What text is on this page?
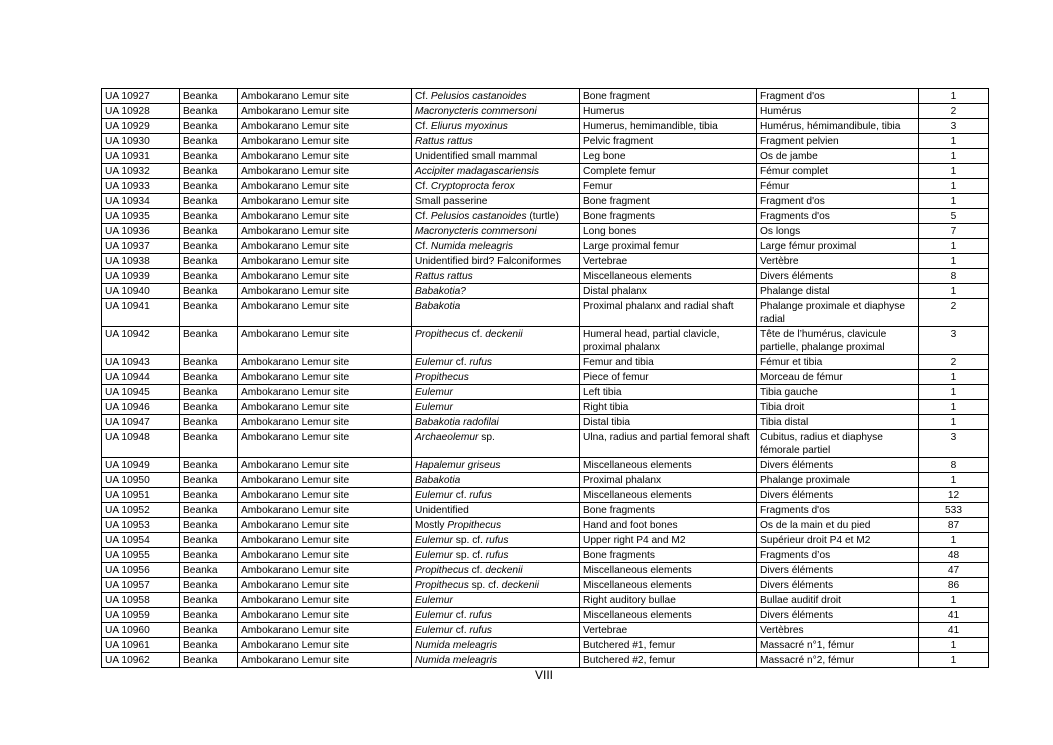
UA 10927	Beanka	Ambokarano Lemur site	Cf. Pelusios castanoides	Bone fragment	Fragment d'os	1
UA 10928	Beanka	Ambokarano Lemur site	Macronycteris commersoni	Humerus	Humérus	2
UA 10929	Beanka	Ambokarano Lemur site	Cf. Eliurus myoxinus	Humerus, hemimandible, tibia	Humérus, hémimandibule, tibia	3
UA 10930	Beanka	Ambokarano Lemur site	Rattus rattus	Pelvic fragment	Fragment pelvien	1
UA 10931	Beanka	Ambokarano Lemur site	Unidentified small mammal	Leg bone	Os de jambe	1
UA 10932	Beanka	Ambokarano Lemur site	Accipiter madagascariensis	Complete femur	Fémur complet	1
UA 10933	Beanka	Ambokarano Lemur site	Cf. Cryptoprocta ferox	Femur	Fémur	1
UA 10934	Beanka	Ambokarano Lemur site	Small passerine	Bone fragment	Fragment d'os	1
UA 10935	Beanka	Ambokarano Lemur site	Cf. Pelusios castanoides (turtle)	Bone fragments	Fragments d'os	5
UA 10936	Beanka	Ambokarano Lemur site	Macronycteris commersoni	Long bones	Os longs	7
UA 10937	Beanka	Ambokarano Lemur site	Cf. Numida meleagris	Large proximal femur	Large fémur proximal	1
UA 10938	Beanka	Ambokarano Lemur site	Unidentified bird? Falconiformes	Vertebrae	Vertèbre	1
UA 10939	Beanka	Ambokarano Lemur site	Rattus rattus	Miscellaneous elements	Divers éléments	8
UA 10940	Beanka	Ambokarano Lemur site	Babakotia?	Distal phalanx	Phalange distal	1
UA 10941	Beanka	Ambokarano Lemur site	Babakotia	Proximal phalanx and radial shaft	Phalange proximale et diaphyse radial	2
UA 10942	Beanka	Ambokarano Lemur site	Propithecus cf. deckenii	Humeral head, partial clavicle, proximal phalanx	Tête de l’humérus, clavicule partielle, phalange proximal	3
UA 10943	Beanka	Ambokarano Lemur site	Eulemur cf. rufus	Femur and tibia	Fémur et tibia	2
UA 10944	Beanka	Ambokarano Lemur site	Propithecus	Piece of femur	Morceau de fémur	1
UA 10945	Beanka	Ambokarano Lemur site	Eulemur	Left tibia	Tibia gauche	1
UA 10946	Beanka	Ambokarano Lemur site	Eulemur	Right tibia	Tibia droit	1
UA 10947	Beanka	Ambokarano Lemur site	Babakotia radofilai	Distal tibia	Tibia distal	1
UA 10948	Beanka	Ambokarano Lemur site	Archaeolemur sp.	Ulna, radius and partial femoral shaft	Cubitus, radius et diaphyse fémorale partiel	3
UA 10949	Beanka	Ambokarano Lemur site	Hapalemur griseus	Miscellaneous elements	Divers éléments	8
UA 10950	Beanka	Ambokarano Lemur site	Babakotia	Proximal phalanx	Phalange proximale	1
UA 10951	Beanka	Ambokarano Lemur site	Eulemur cf. rufus	Miscellaneous elements	Divers éléments	12
UA 10952	Beanka	Ambokarano Lemur site	Unidentified	Bone fragments	Fragments d'os	533
UA 10953	Beanka	Ambokarano Lemur site	Mostly Propithecus	Hand and foot bones	Os de la main et du pied	87
UA 10954	Beanka	Ambokarano Lemur site	Eulemur sp. cf. rufus	Upper right P4 and M2	Supérieur droit P4 et M2	1
UA 10955	Beanka	Ambokarano Lemur site	Eulemur sp. cf. rufus	Bone fragments	Fragments d’os	48
UA 10956	Beanka	Ambokarano Lemur site	Propithecus cf. deckenii	Miscellaneous elements	Divers éléments	47
UA 10957	Beanka	Ambokarano Lemur site	Propithecus sp. cf. deckenii	Miscellaneous elements	Divers éléments	86
UA 10958	Beanka	Ambokarano Lemur site	Eulemur	Right auditory bullae	Bullae auditif droit	1
UA 10959	Beanka	Ambokarano Lemur site	Eulemur cf. rufus	Miscellaneous elements	Divers éléments	41
UA 10960	Beanka	Ambokarano Lemur site	Eulemur cf. rufus	Vertebrae	Vertèbres	41
UA 10961	Beanka	Ambokarano Lemur site	Numida meleagris	Butchered #1, femur	Massacré n°1, fémur	1
UA 10962	Beanka	Ambokarano Lemur site	Numida meleagris	Butchered #2, femur	Massacré n°2, fémur	1
VIII
